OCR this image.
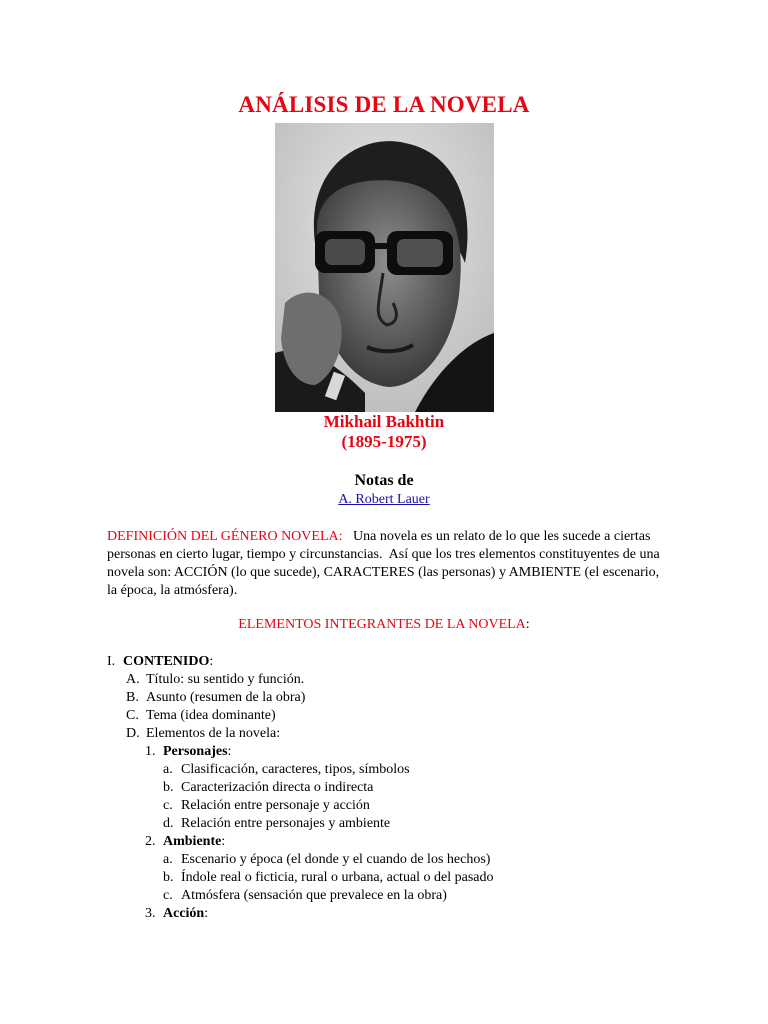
ANÁLISIS DE LA NOVELA
Mikhail Bakhtin
(1895-1975)
Notas de
A. Robert Lauer
DEFINICIÓN DEL GÉNERO NOVELA:   Una novela es un relato de lo que les sucede a ciertas personas en cierto lugar, tiempo y circunstancias.  Así que los tres elementos constituyentes de una novela son: ACCIÓN (lo que sucede), CARACTERES (las personas) y AMBIENTE (el escenario, la época, la atmósfera).
ELEMENTOS INTEGRANTES DE LA NOVELA:
I. CONTENIDO:
A. Título: su sentido y función.
B. Asunto (resumen de la obra)
C. Tema (idea dominante)
D. Elementos de la novela:
1. Personajes:
a. Clasificación, caracteres, tipos, símbolos
b. Caracterización directa o indirecta
c. Relación entre personaje y acción
d. Relación entre personajes y ambiente
2. Ambiente:
a. Escenario y época (el donde y el cuando de los hechos)
b. Índole real o ficticia, rural o urbana, actual o del pasado
c. Atmósfera (sensación que prevalece en la obra)
3. Acción:
